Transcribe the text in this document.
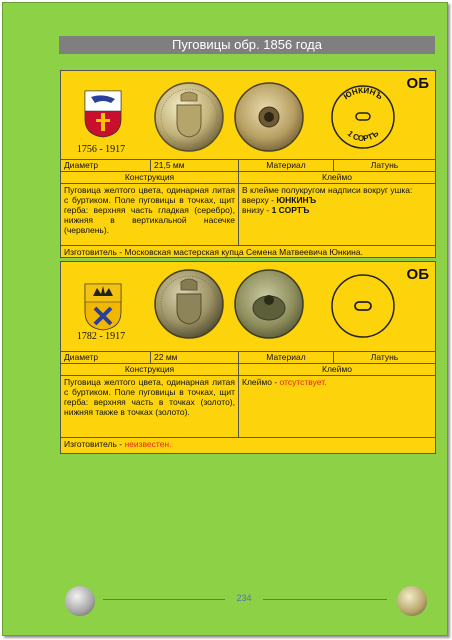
Пуговицы обр. 1856 года
1756 - 1917
ЮНКИНЪ
1 СОРТЪ
ОБ
Диаметр	21,5 мм	Материал	Латунь
Конструкция	Клеймо
Пуговица желтого цвета, одинарная литая с буртиком. Поле пуговицы в точках, щит герба: верхняя часть гладкая (серебро), нижняя в вертикальной насечке (червлень).
В клейме полукругом надписи вокруг ушка:
вверху - ЮНКИНЪ
внизу - 1 СОРТЪ
Изготовитель - Московская мастерская купца Семена Матвеевича Юнкина.
1782 - 1917
ОБ
Диаметр	22 мм	Материал	Латунь
Конструкция	Клеймо
Пуговица желтого цвета, одинарная литая с буртиком. Поле пуговицы в точках, щит герба: верхняя часть в точках (золото), нижняя также в точках (золото).
Клеймо - отсутствует.
Изготовитель - неизвестен.
234
